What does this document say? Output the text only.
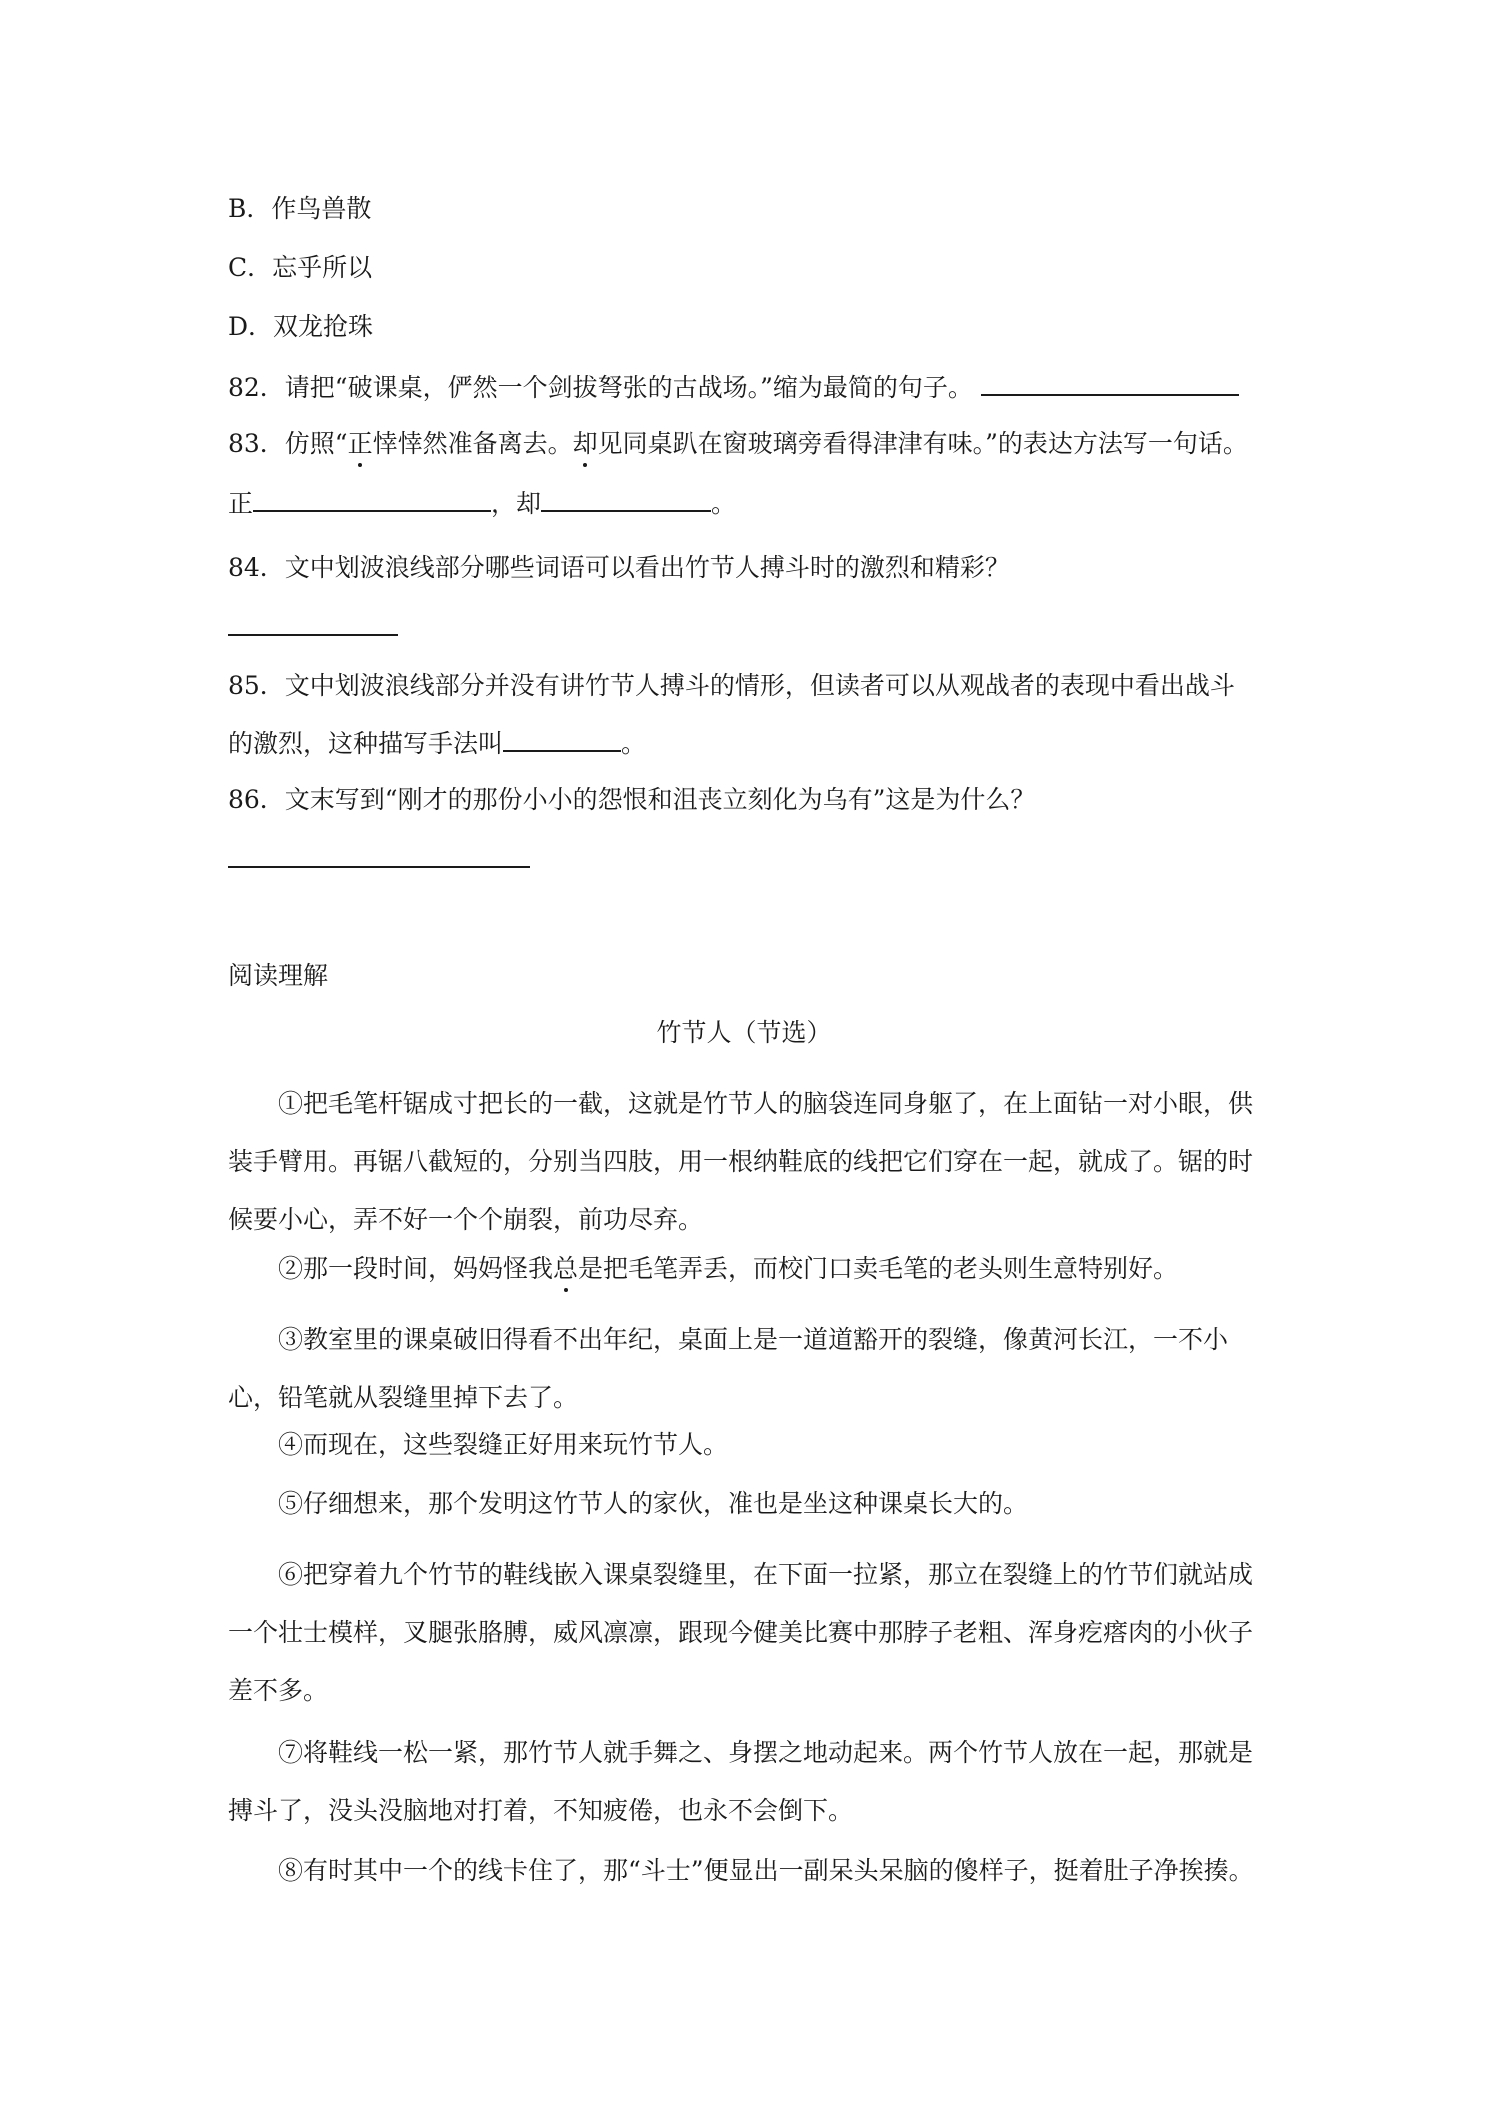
B．作鸟兽散
C．忘乎所以
D．双龙抢珠
82．请把“破课桌，俨然一个剑拔弩张的古战场。”缩为最简的句子。
83．仿照“正悻悻然准备离去。却见同桌趴在窗玻璃旁看得津津有味。”的表达方法写一句话。
正	，却	。
84．文中划波浪线部分哪些词语可以看出竹节人搏斗时的激烈和精彩？
85．文中划波浪线部分并没有讲竹节人搏斗的情形，但读者可以从观战者的表现中看出战斗
的激烈，这种描写手法叫	。
86．文末写到“刚才的那份小小的怨恨和沮丧立刻化为乌有”这是为什么？
阅读理解
竹节人（节选）
①把毛笔杆锯成寸把长的一截，这就是竹节人的脑袋连同身躯了，在上面钻一对小眼，供装手臂用。再锯八截短的，分别当四肢，用一根纳鞋底的线把它们穿在一起，就成了。锯的时候要小心，弄不好一个个崩裂，前功尽弃。
②那一段时间，妈妈怪我总是把毛笔弄丢，而校门口卖毛笔的老头则生意特别好。
③教室里的课桌破旧得看不出年纪，桌面上是一道道豁开的裂缝，像黄河长江，一不小心，铅笔就从裂缝里掉下去了。
④而现在，这些裂缝正好用来玩竹节人。
⑤仔细想来，那个发明这竹节人的家伙，准也是坐这种课桌长大的。
⑥把穿着九个竹节的鞋线嵌入课桌裂缝里，在下面一拉紧，那立在裂缝上的竹节们就站成一个壮士模样，叉腿张胳膊，威风凛凛，跟现今健美比赛中那脖子老粗、浑身疙瘩肉的小伙子差不多。
⑦将鞋线一松一紧，那竹节人就手舞之、身摆之地动起来。两个竹节人放在一起，那就是搏斗了，没头没脑地对打着，不知疲倦，也永不会倒下。
⑧有时其中一个的线卡住了，那“斗士”便显出一副呆头呆脑的傻样子，挺着肚子净挨揍。
